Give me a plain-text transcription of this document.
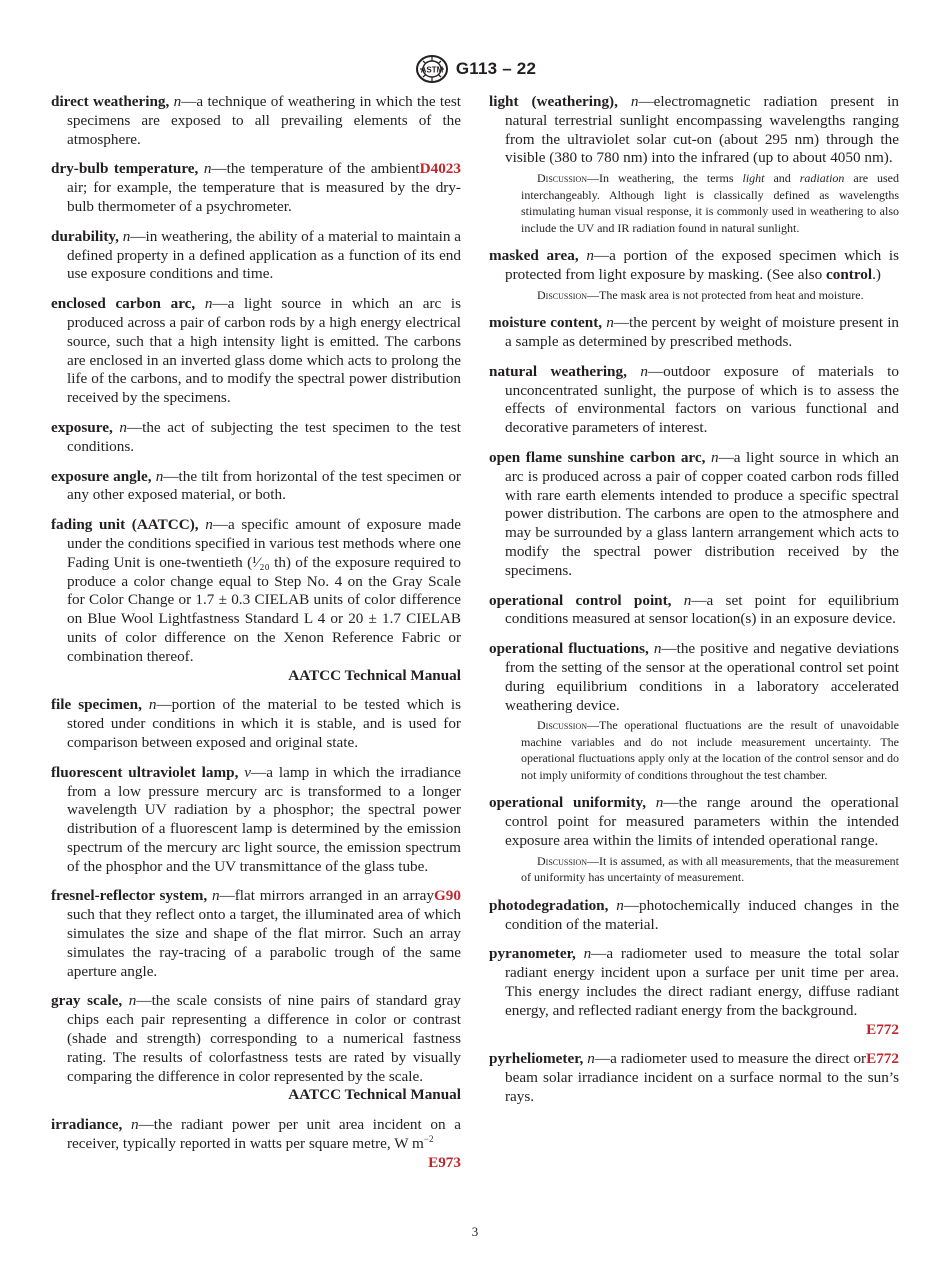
ASTM G113 – 22

direct weathering, n—a technique of weathering in which the test specimens are exposed to all prevailing elements of the atmosphere.

D4023
dry-bulb temperature, n—the temperature of the ambient air; for example, the temperature that is measured by the dry-bulb thermometer of a psychrometer.

durability, n—in weathering, the ability of a material to maintain a defined property in a defined application as a function of its end use exposure conditions and time.

enclosed carbon arc, n—a light source in which an arc is produced across a pair of carbon rods by a high energy electrical source, such that a high intensity light is emitted. The carbons are enclosed in an inverted glass dome which acts to prolong the life of the carbons, and to modify the spectral power distribution received by the specimens.

exposure, n—the act of subjecting the test specimen to the test conditions.

exposure angle, n—the tilt from horizontal of the test specimen or any other exposed material, or both.

fading unit (AATCC), n—a specific amount of exposure made under the conditions specified in various test methods where one Fading Unit is one-twentieth (¹⁄₂₀ th) of the exposure required to produce a color change equal to Step No. 4 on the Gray Scale for Color Change or 1.7 ± 0.3 CIELAB units of color difference on Blue Wool Lightfastness Standard L 4 or 20 ± 1.7 CIELAB units of color difference on the Xenon Reference Fabric or combination thereof.
AATCC Technical Manual

file specimen, n—portion of the material to be tested which is stored under conditions in which it is stable, and is used for comparison between exposed and original state.

fluorescent ultraviolet lamp, v—a lamp in which the irradiance from a low pressure mercury arc is transformed to a longer wavelength UV radiation by a phosphor; the spectral power distribution of a fluorescent lamp is determined by the emission spectrum of the mercury arc light source, the emission spectrum of the phosphor and the UV transmittance of the glass tube.

G90
fresnel-reflector system, n—flat mirrors arranged in an array such that they reflect onto a target, the illuminated area of which simulates the size and shape of the flat mirror. Such an array simulates the ray-tracing of a parabolic trough of the same aperture angle.

gray scale, n—the scale consists of nine pairs of standard gray chips each pair representing a difference in color or contrast (shade and strength) corresponding to a numerical fastness rating. The results of colorfastness tests are rated by visually comparing the difference in color represented by the scale.
AATCC Technical Manual

irradiance, n—the radiant power per unit area incident on a receiver, typically reported in watts per square metre, W $m^{-2}$
E973

light (weathering), n—electromagnetic radiation present in natural terrestrial sunlight encompassing wavelengths ranging from the ultraviolet solar cut-on (about 295 nm) through the visible (380 to 780 nm) into the infrared (up to about 4050 nm).

Discussion—In weathering, the terms light and radiation are used interchangeably. Although light is classically defined as wavelengths stimulating human visual response, it is commonly used in weathering to also include the UV and IR radiation found in natural sunlight.

masked area, n—a portion of the exposed specimen which is protected from light exposure by masking. (See also control.)

Discussion—The mask area is not protected from heat and moisture.

moisture content, n—the percent by weight of moisture present in a sample as determined by prescribed methods.

natural weathering, n—outdoor exposure of materials to unconcentrated sunlight, the purpose of which is to assess the effects of environmental factors on various functional and decorative parameters of interest.

open flame sunshine carbon arc, n—a light source in which an arc is produced across a pair of copper coated carbon rods filled with rare earth elements intended to produce a specific spectral power distribution. The carbons are open to the atmosphere and may be surrounded by a glass lantern arrangement which acts to modify the spectral power distribution received by the specimens.

operational control point, n—a set point for equilibrium conditions measured at sensor location(s) in an exposure device.

operational fluctuations, n—the positive and negative deviations from the setting of the sensor at the operational control set point during equilibrium conditions in a laboratory accelerated weathering device.

Discussion—The operational fluctuations are the result of unavoidable machine variables and do not include measurement uncertainty. The operational fluctuations apply only at the location of the control sensor and do not imply uniformity of conditions throughout the test chamber.

operational uniformity, n—the range around the operational control point for measured parameters within the intended exposure area within the limits of intended operational range.

Discussion—It is assumed, as with all measurements, that the measurement of uniformity has uncertainty of measurement.

photodegradation, n—photochemically induced changes in the condition of the material.

pyranometer, n—a radiometer used to measure the total solar radiant energy incident upon a surface per unit time per area. This energy includes the direct radiant energy, diffuse radiant energy, and reflected radiant energy from the background.
E772

E772
pyrheliometer, n—a radiometer used to measure the direct or beam solar irradiance incident on a surface normal to the sun’s rays.

3
